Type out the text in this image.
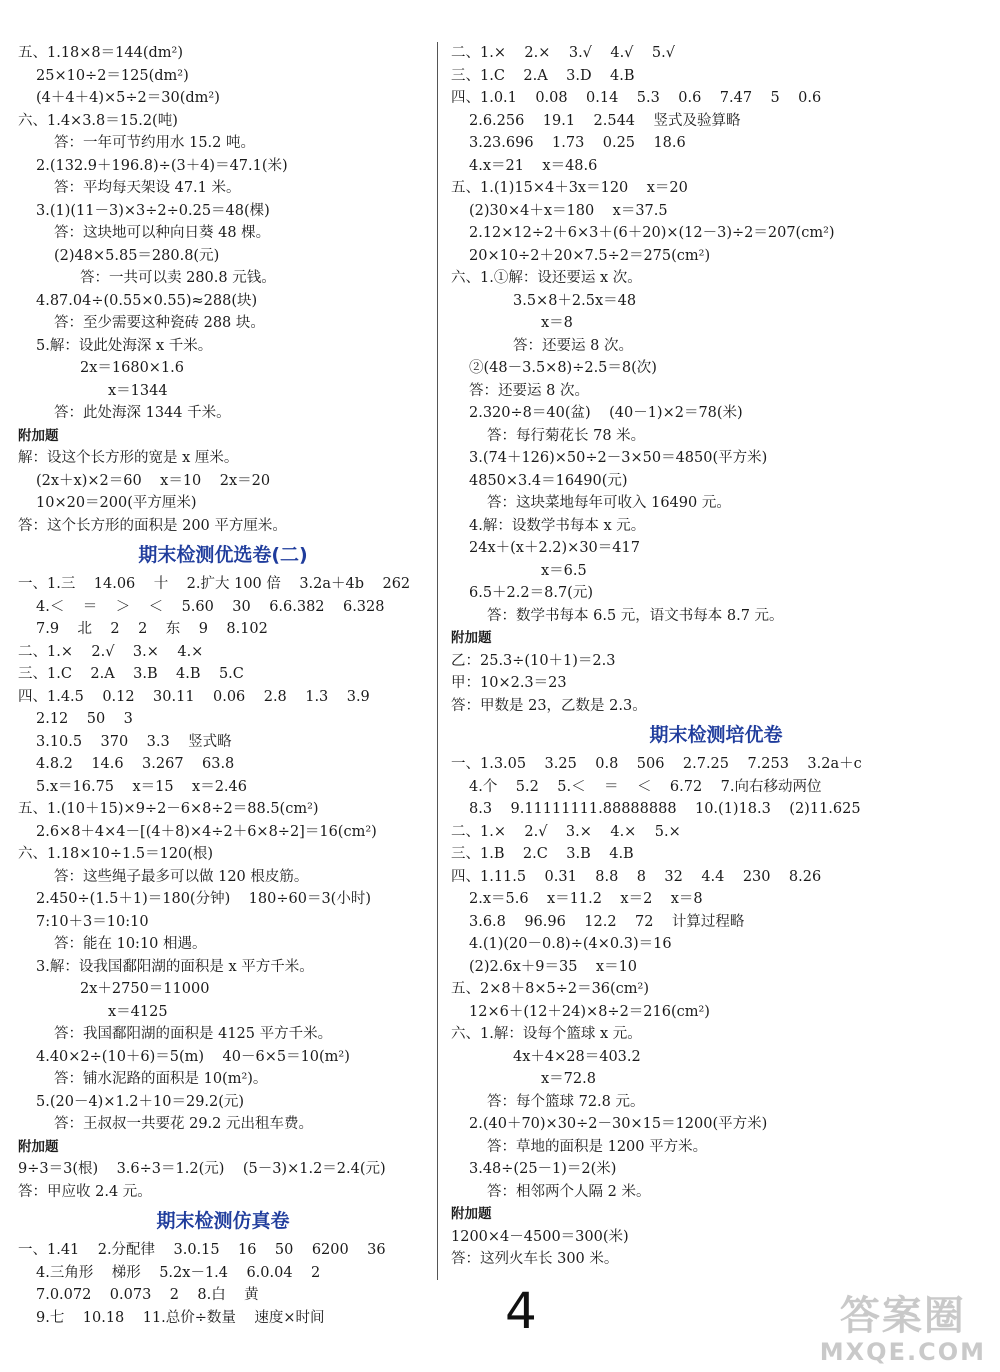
五、1.18×8＝144(dm²)
25×10÷2＝125(dm²)
(4＋4＋4)×5÷2＝30(dm²)
六、1.4×3.8＝15.2(吨)
答：一年可节约用水 15.2 吨。
2.(132.9＋196.8)÷(3＋4)＝47.1(米)
答：平均每天架设 47.1 米。
3.(1)(11－3)×3÷2÷0.25＝48(棵)
答：这块地可以种向日葵 48 棵。
(2)48×5.85＝280.8(元)
答：一共可以卖 280.8 元钱。
4.87.04÷(0.55×0.55)≈288(块)
答：至少需要这种瓷砖 288 块。
5.解：设此处海深 x 千米。
2x＝1680×1.6
x＝1344
答：此处海深 1344 千米。
附加题
解：设这个长方形的宽是 x 厘米。
(2x＋x)×2＝60    x＝10    2x＝20
10×20＝200(平方厘米)
答：这个长方形的面积是 200 平方厘米。
期末检测优选卷(二)
一、1.三    14.06    十    2.扩大 100 倍    3.2a＋4b    262
4.＜    ＝    ＞    ＜    5.60    30    6.6.382    6.328
7.9    北    2    2    东    9    8.102
二、1.×    2.√    3.×    4.×
三、1.C    2.A    3.B    4.B    5.C
四、1.4.5    0.12    30.11    0.06    2.8    1.3    3.9
2.12    50    3
3.10.5    370    3.3    竖式略
4.8.2    14.6    3.267    63.8
5.x＝16.75    x＝15    x＝2.46
五、1.(10＋15)×9÷2－6×8÷2＝88.5(cm²)
2.6×8＋4×4－[(4＋8)×4÷2＋6×8÷2]＝16(cm²)
六、1.18×10÷1.5＝120(根)
答：这些绳子最多可以做 120 根皮筋。
2.450÷(1.5＋1)＝180(分钟)    180÷60＝3(小时)
7:10＋3＝10:10
答：能在 10:10 相遇。
3.解：设我国鄱阳湖的面积是 x 平方千米。
2x＋2750＝11000
x＝4125
答：我国鄱阳湖的面积是 4125 平方千米。
4.40×2÷(10＋6)＝5(m)    40－6×5＝10(m²)
答：铺水泥路的面积是 10(m²)。
5.(20－4)×1.2＋10＝29.2(元)
答：王叔叔一共要花 29.2 元出租车费。
附加题
9÷3＝3(根)    3.6÷3＝1.2(元)    (5－3)×1.2＝2.4(元)
答：甲应收 2.4 元。
期末检测仿真卷
一、1.41    2.分配律    3.0.15    16    50    6200    36
4.三角形    梯形    5.2x－1.4    6.0.04    2
7.0.072    0.073    2    8.白    黄
9.七    10.18    11.总价÷数量    速度×时间
二、1.×    2.×    3.√    4.√    5.√
三、1.C    2.A    3.D    4.B
四、1.0.1    0.08    0.14    5.3    0.6    7.47    5    0.6
2.6.256    19.1    2.544    竖式及验算略
3.23.696    1.73    0.25    18.6
4.x＝21    x＝48.6
五、1.(1)15×4＋3x＝120    x＝20
(2)30×4＋x＝180    x＝37.5
2.12×12÷2＋6×3＋(6＋20)×(12－3)÷2＝207(cm²)
20×10÷2＋20×7.5÷2＝275(cm²)
六、1.①解：设还要运 x 次。
3.5×8＋2.5x＝48
x＝8
答：还要运 8 次。
②(48－3.5×8)÷2.5＝8(次)
答：还要运 8 次。
2.320÷8＝40(盆)    (40－1)×2＝78(米)
答：每行菊花长 78 米。
3.(74＋126)×50÷2－3×50＝4850(平方米)
4850×3.4＝16490(元)
答：这块菜地每年可收入 16490 元。
4.解：设数学书每本 x 元。
24x＋(x＋2.2)×30＝417
x＝6.5
6.5＋2.2＝8.7(元)
答：数学书每本 6.5 元，语文书每本 8.7 元。
附加题
乙：25.3÷(10＋1)＝2.3
甲：10×2.3＝23
答：甲数是 23，乙数是 2.3。
期末检测培优卷
一、1.3.05    3.25    0.8    506    2.7.25    7.253    3.2a＋c
4.个    5.2    5.＜    ＝    ＜    6.72    7.向右移动两位
8.3    9.11111111.88888888    10.(1)18.3    (2)11.625
二、1.×    2.√    3.×    4.×    5.×
三、1.B    2.C    3.B    4.B
四、1.11.5    0.31    8.8    8    32    4.4    230    8.26
2.x＝5.6    x＝11.2    x＝2    x＝8
3.6.8    96.96    12.2    72    计算过程略
4.(1)(20－0.8)÷(4×0.3)＝16
(2)2.6x＋9＝35    x＝10
五、2×8＋8×5÷2＝36(cm²)
12×6＋(12＋24)×8÷2＝216(cm²)
六、1.解：设每个篮球 x 元。
4x＋4×28＝403.2
x＝72.8
答：每个篮球 72.8 元。
2.(40＋70)×30÷2－30×15＝1200(平方米)
答：草地的面积是 1200 平方米。
3.48÷(25－1)＝2(米)
答：相邻两个人隔 2 米。
附加题
1200×4－4500＝300(米)
答：这列火车长 300 米。
4	答案圈
MXQE.COM
